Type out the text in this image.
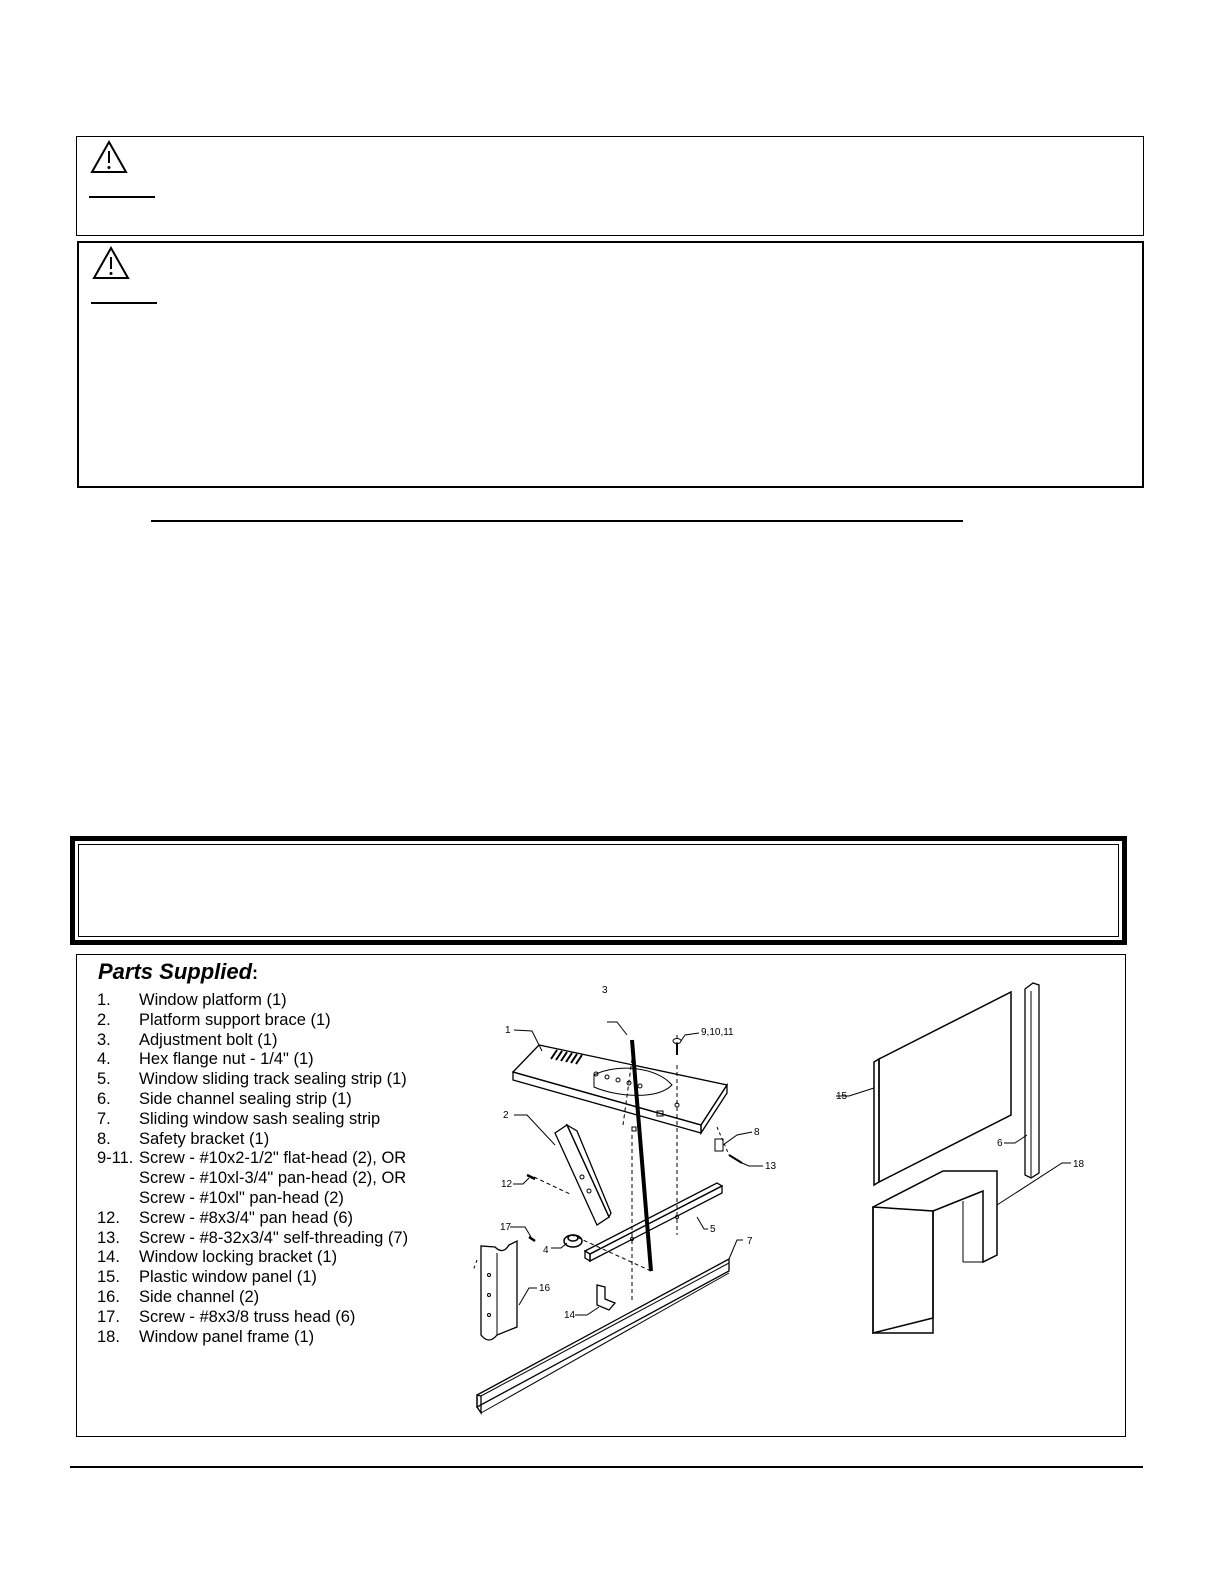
Parts Supplied:
1. Window platform (1)
2. Platform support brace (1)
3. Adjustment bolt (1)
4. Hex flange nut - 1/4" (1)
5. Window sliding track sealing strip (1)
6. Side channel sealing strip (1)
7. Sliding window sash sealing strip
8. Safety bracket (1)
9-11. Screw - #10x2-1/2" flat-head (2), OR
Screw - #10xl-3/4" pan-head (2), OR
Screw - #10xl" pan-head (2)
12. Screw - #8x3/4" pan head (6)
13. Screw - #8-32x3/4" self-threading (7)
14. Window locking bracket (1)
15. Plastic window panel (1)
16. Side channel (2)
17. Screw - #8x3/8 truss head (6)
18. Window panel frame (1)
3
1	9,10,11
2
8
13
12
17	5
7
4
16
14
15
6
18
